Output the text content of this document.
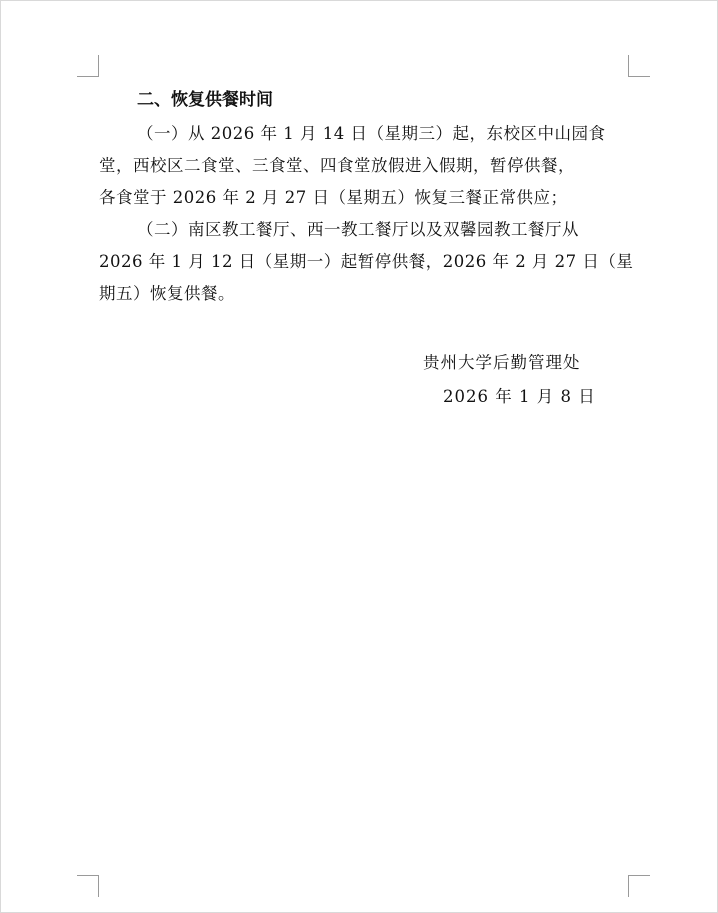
二、恢复供餐时间
（一）从 2026 年 1 月 14 日（星期三）起，东校区中山园食
堂，西校区二食堂、三食堂、四食堂放假进入假期，暂停供餐，
各食堂于 2026 年 2 月 27 日（星期五）恢复三餐正常供应；
（二）南区教工餐厅、西一教工餐厅以及双馨园教工餐厅从
2026 年 1 月 12 日（星期一）起暂停供餐，2026 年 2 月 27 日（星
期五）恢复供餐。
贵州大学后勤管理处
2026 年 1 月 8 日
